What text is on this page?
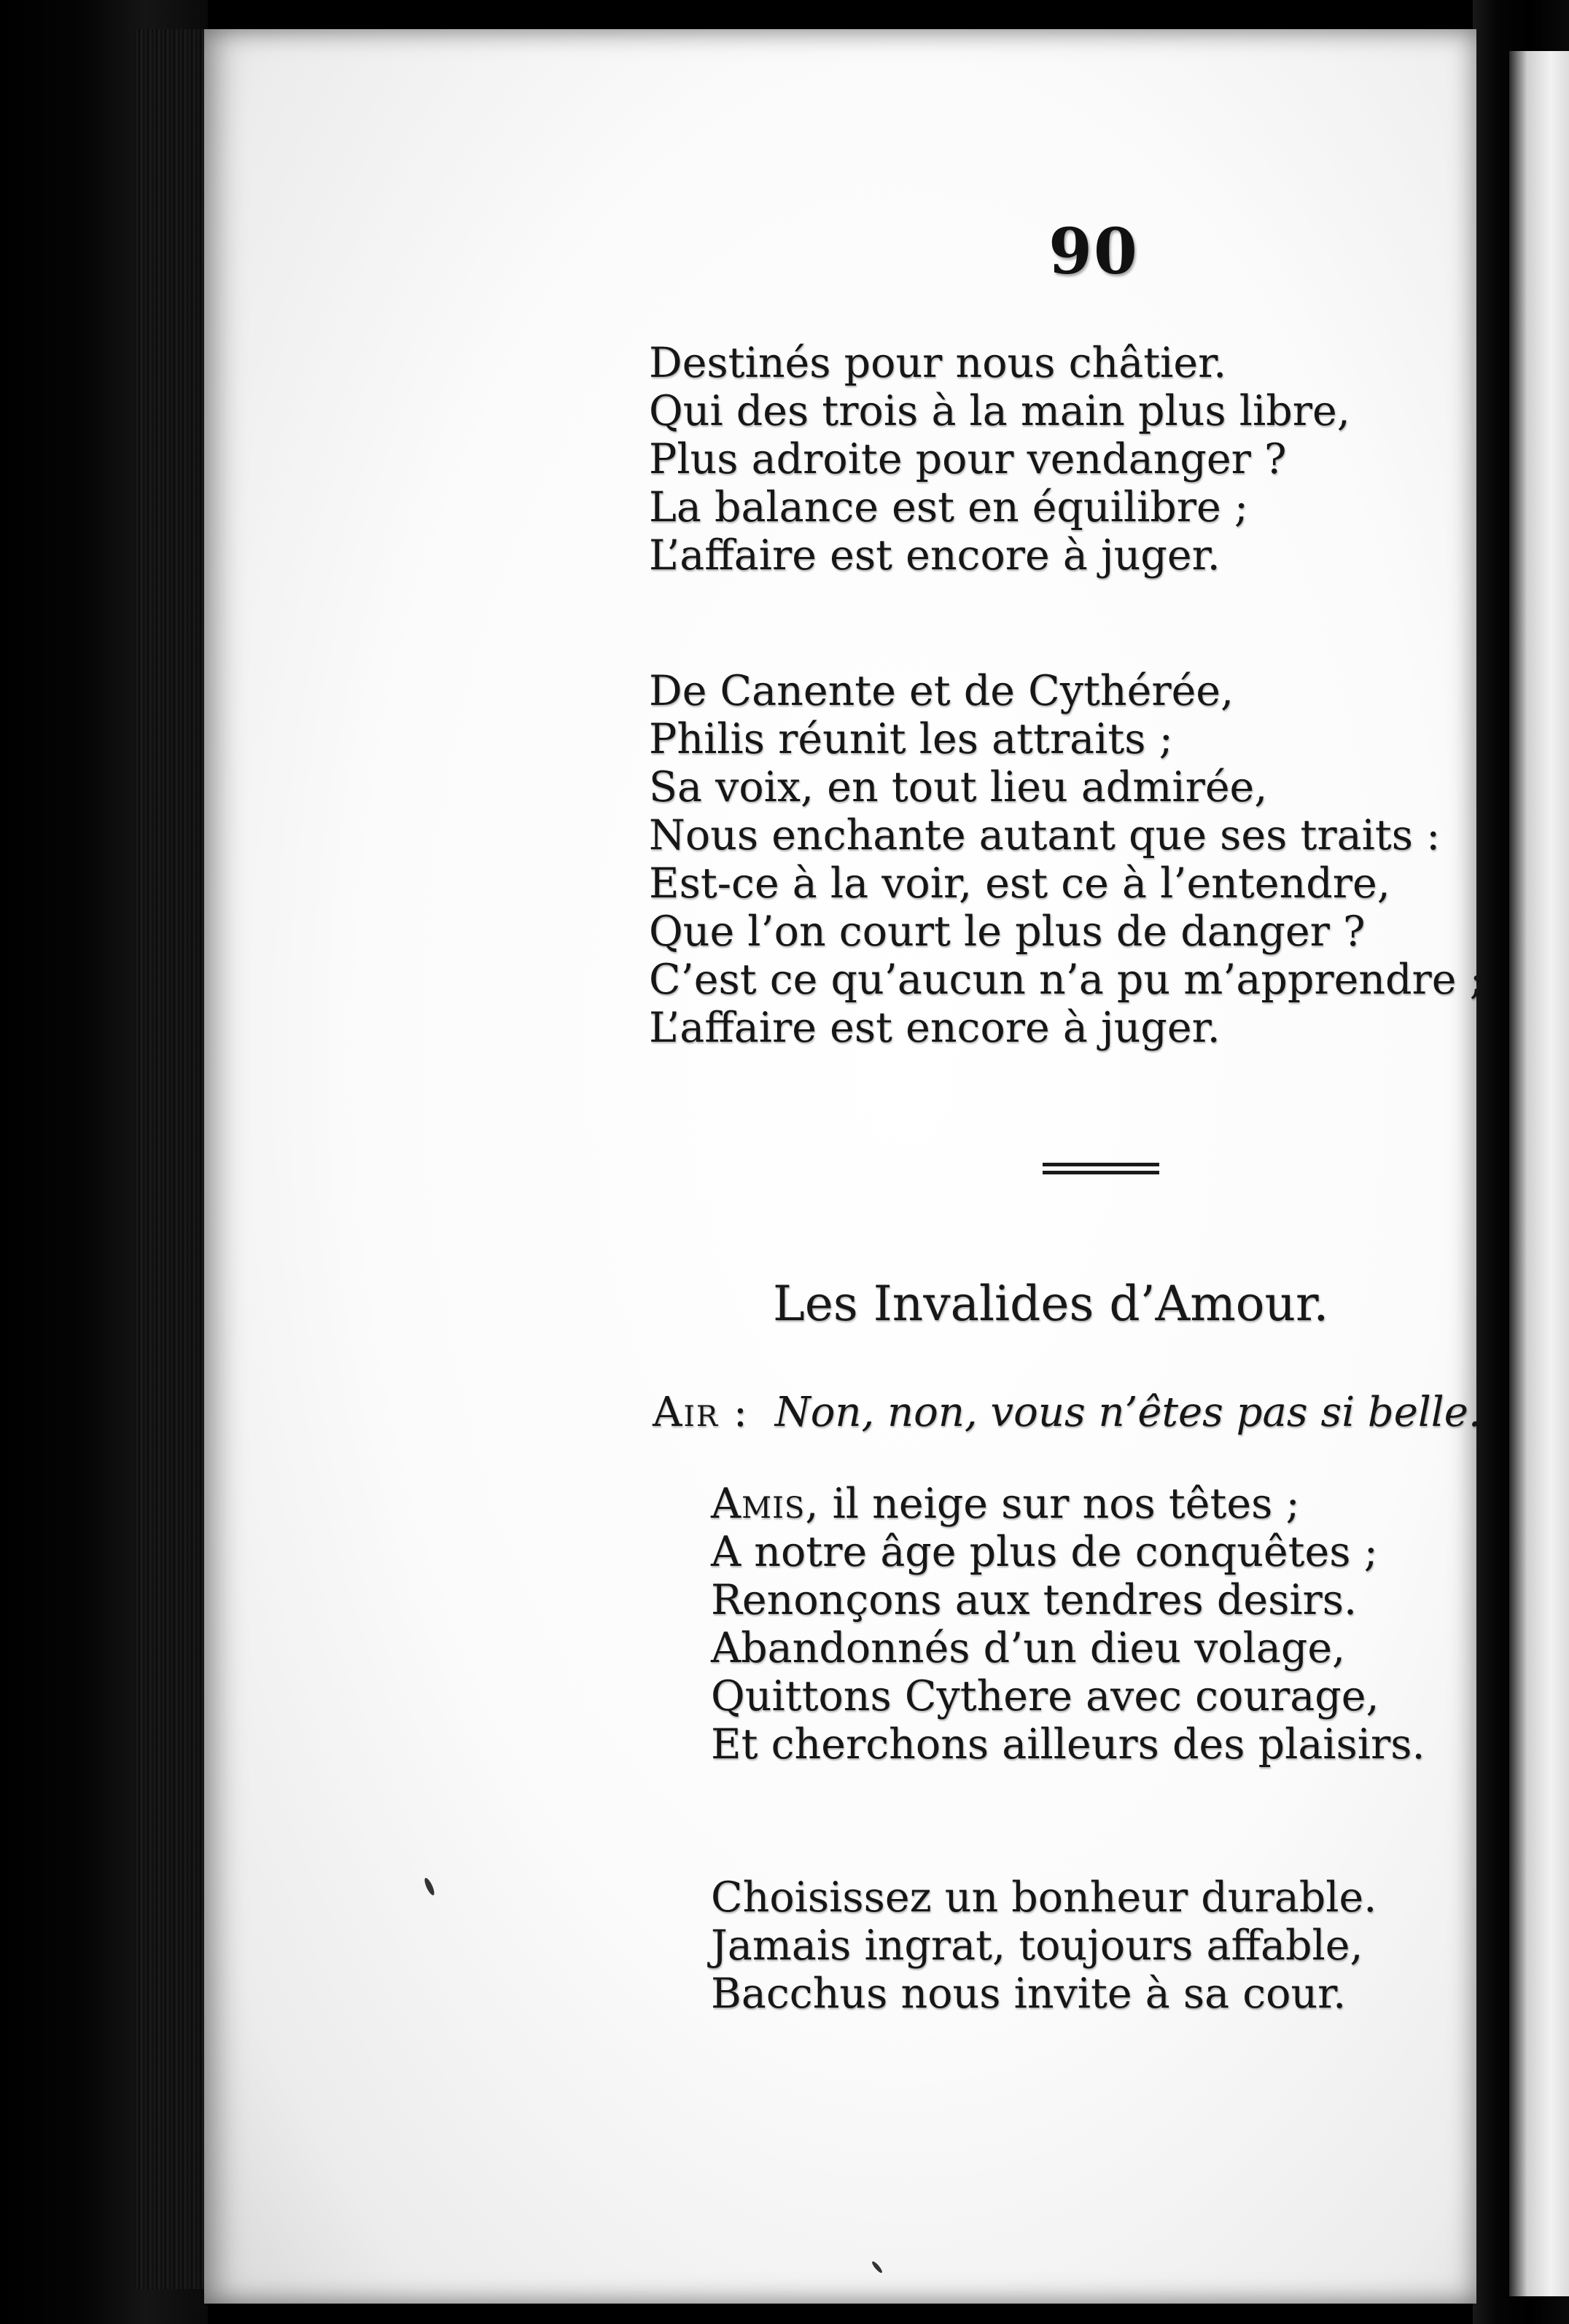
90
Destinés pour nous châtier.
Qui des trois à la main plus libre,
Plus adroite pour vendanger ?
La balance est en équilibre ;
L’affaire est encore à juger.
De Canente et de Cythérée,
Philis réunit les attraits ;
Sa voix, en tout lieu admirée,
Nous enchante autant que ses traits :
Est-ce à la voir, est ce à l’entendre,
Que l’on court le plus de danger ?
C’est ce qu’aucun n’a pu m’apprendre ;
L’affaire est encore à juger.
Les Invalides d’Amour.
Air : Non, non, vous n’êtes pas si belle.
Amis, il neige sur nos têtes ;
A notre âge plus de conquêtes ;
Renonçons aux tendres desirs.
Abandonnés d’un dieu volage,
Quittons Cythere avec courage,
Et cherchons ailleurs des plaisirs.
Choisissez un bonheur durable.
Jamais ingrat, toujours affable,
Bacchus nous invite à sa cour.
